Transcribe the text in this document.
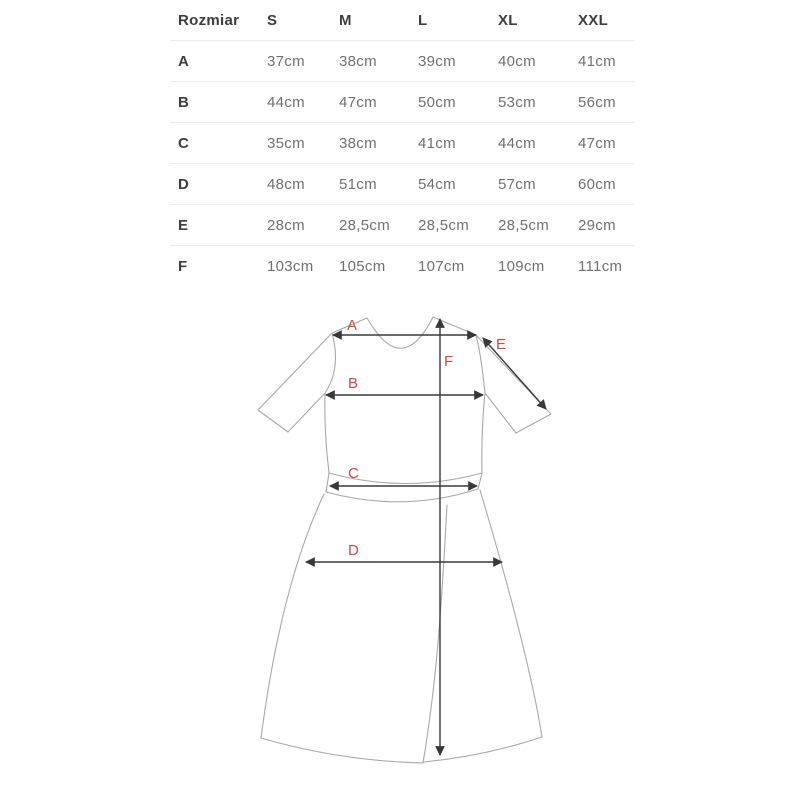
Rozmiar	S	M	L	XL	XXL
A	37cm	38cm	39cm	40cm	41cm
B	44cm	47cm	50cm	53cm	56cm
C	35cm	38cm	41cm	44cm	47cm
D	48cm	51cm	54cm	57cm	60cm
E	28cm	28,5cm	28,5cm	28,5cm	29cm
F	103cm	105cm	107cm	109cm	111cm
A
B
C
D
E
F
